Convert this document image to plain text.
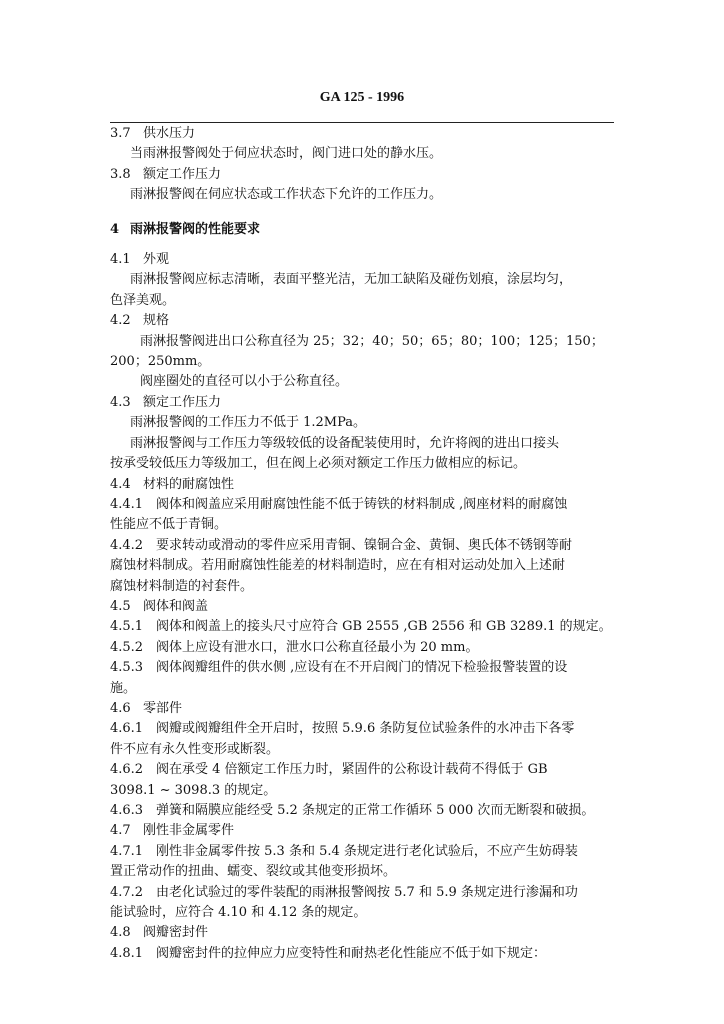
GA 125 - 1996

3.7 供水压力

当雨淋报警阀处于伺应状态时，阀门进口处的静水压。

3.8 额定工作压力

雨淋报警阀在伺应状态或工作状态下允许的工作压力。

4 雨淋报警阀的性能要求

4.1 外观

雨淋报警阀应标志清晰，表面平整光洁，无加工缺陷及碰伤划痕，涂层均匀，

色泽美观。

4.2 规格

雨淋报警阀进出口公称直径为 25；32；40；50；65；80；100；125；150；

200；250mm。

阀座圈处的直径可以小于公称直径。

4.3 额定工作压力

雨淋报警阀的工作压力不低于 1.2MPa。

雨淋报警阀与工作压力等级较低的设备配装使用时，允许将阀的进出口接头

按承受较低压力等级加工，但在阀上必须对额定工作压力做相应的标记。

4.4 材料的耐腐蚀性

4.4.1 阀体和阀盖应采用耐腐蚀性能不低于铸铁的材料制成 ,阀座材料的耐腐蚀

性能应不低于青铜。

4.4.2 要求转动或滑动的零件应采用青铜、镍铜合金、黄铜、奥氏体不锈钢等耐

腐蚀材料制成。若用耐腐蚀性能差的材料制造时，应在有相对运动处加入上述耐

腐蚀材料制造的衬套件。

4.5 阀体和阀盖

4.5.1 阀体和阀盖上的接头尺寸应符合 GB 2555 ,GB 2556 和 GB 3289.1 的规定。

4.5.2 阀体上应设有泄水口，泄水口公称直径最小为 20 mm。

4.5.3 阀体阀瓣组件的供水侧 ,应设有在不开启阀门的情况下检验报警装置的设

施。

4.6 零部件

4.6.1 阀瓣或阀瓣组件全开启时，按照 5.9.6 条防复位试验条件的水冲击下各零

件不应有永久性变形或断裂。

4.6.2 阀在承受 4 倍额定工作压力时，紧固件的公称设计载荷不得低于 GB

3098.1 ~ 3098.3 的规定。

4.6.3 弹簧和隔膜应能经受 5.2 条规定的正常工作循环 5 000 次而无断裂和破损。

4.7 刚性非金属零件

4.7.1 刚性非金属零件按 5.3 条和 5.4 条规定进行老化试验后，不应产生妨碍装

置正常动作的扭曲、蠕变、裂纹或其他变形损坏。

4.7.2 由老化试验过的零件装配的雨淋报警阀按 5.7 和 5.9 条规定进行渗漏和功

能试验时，应符合 4.10 和 4.12 条的规定。

4.8 阀瓣密封件

4.8.1 阀瓣密封件的拉伸应力应变特性和耐热老化性能应不低于如下规定：
